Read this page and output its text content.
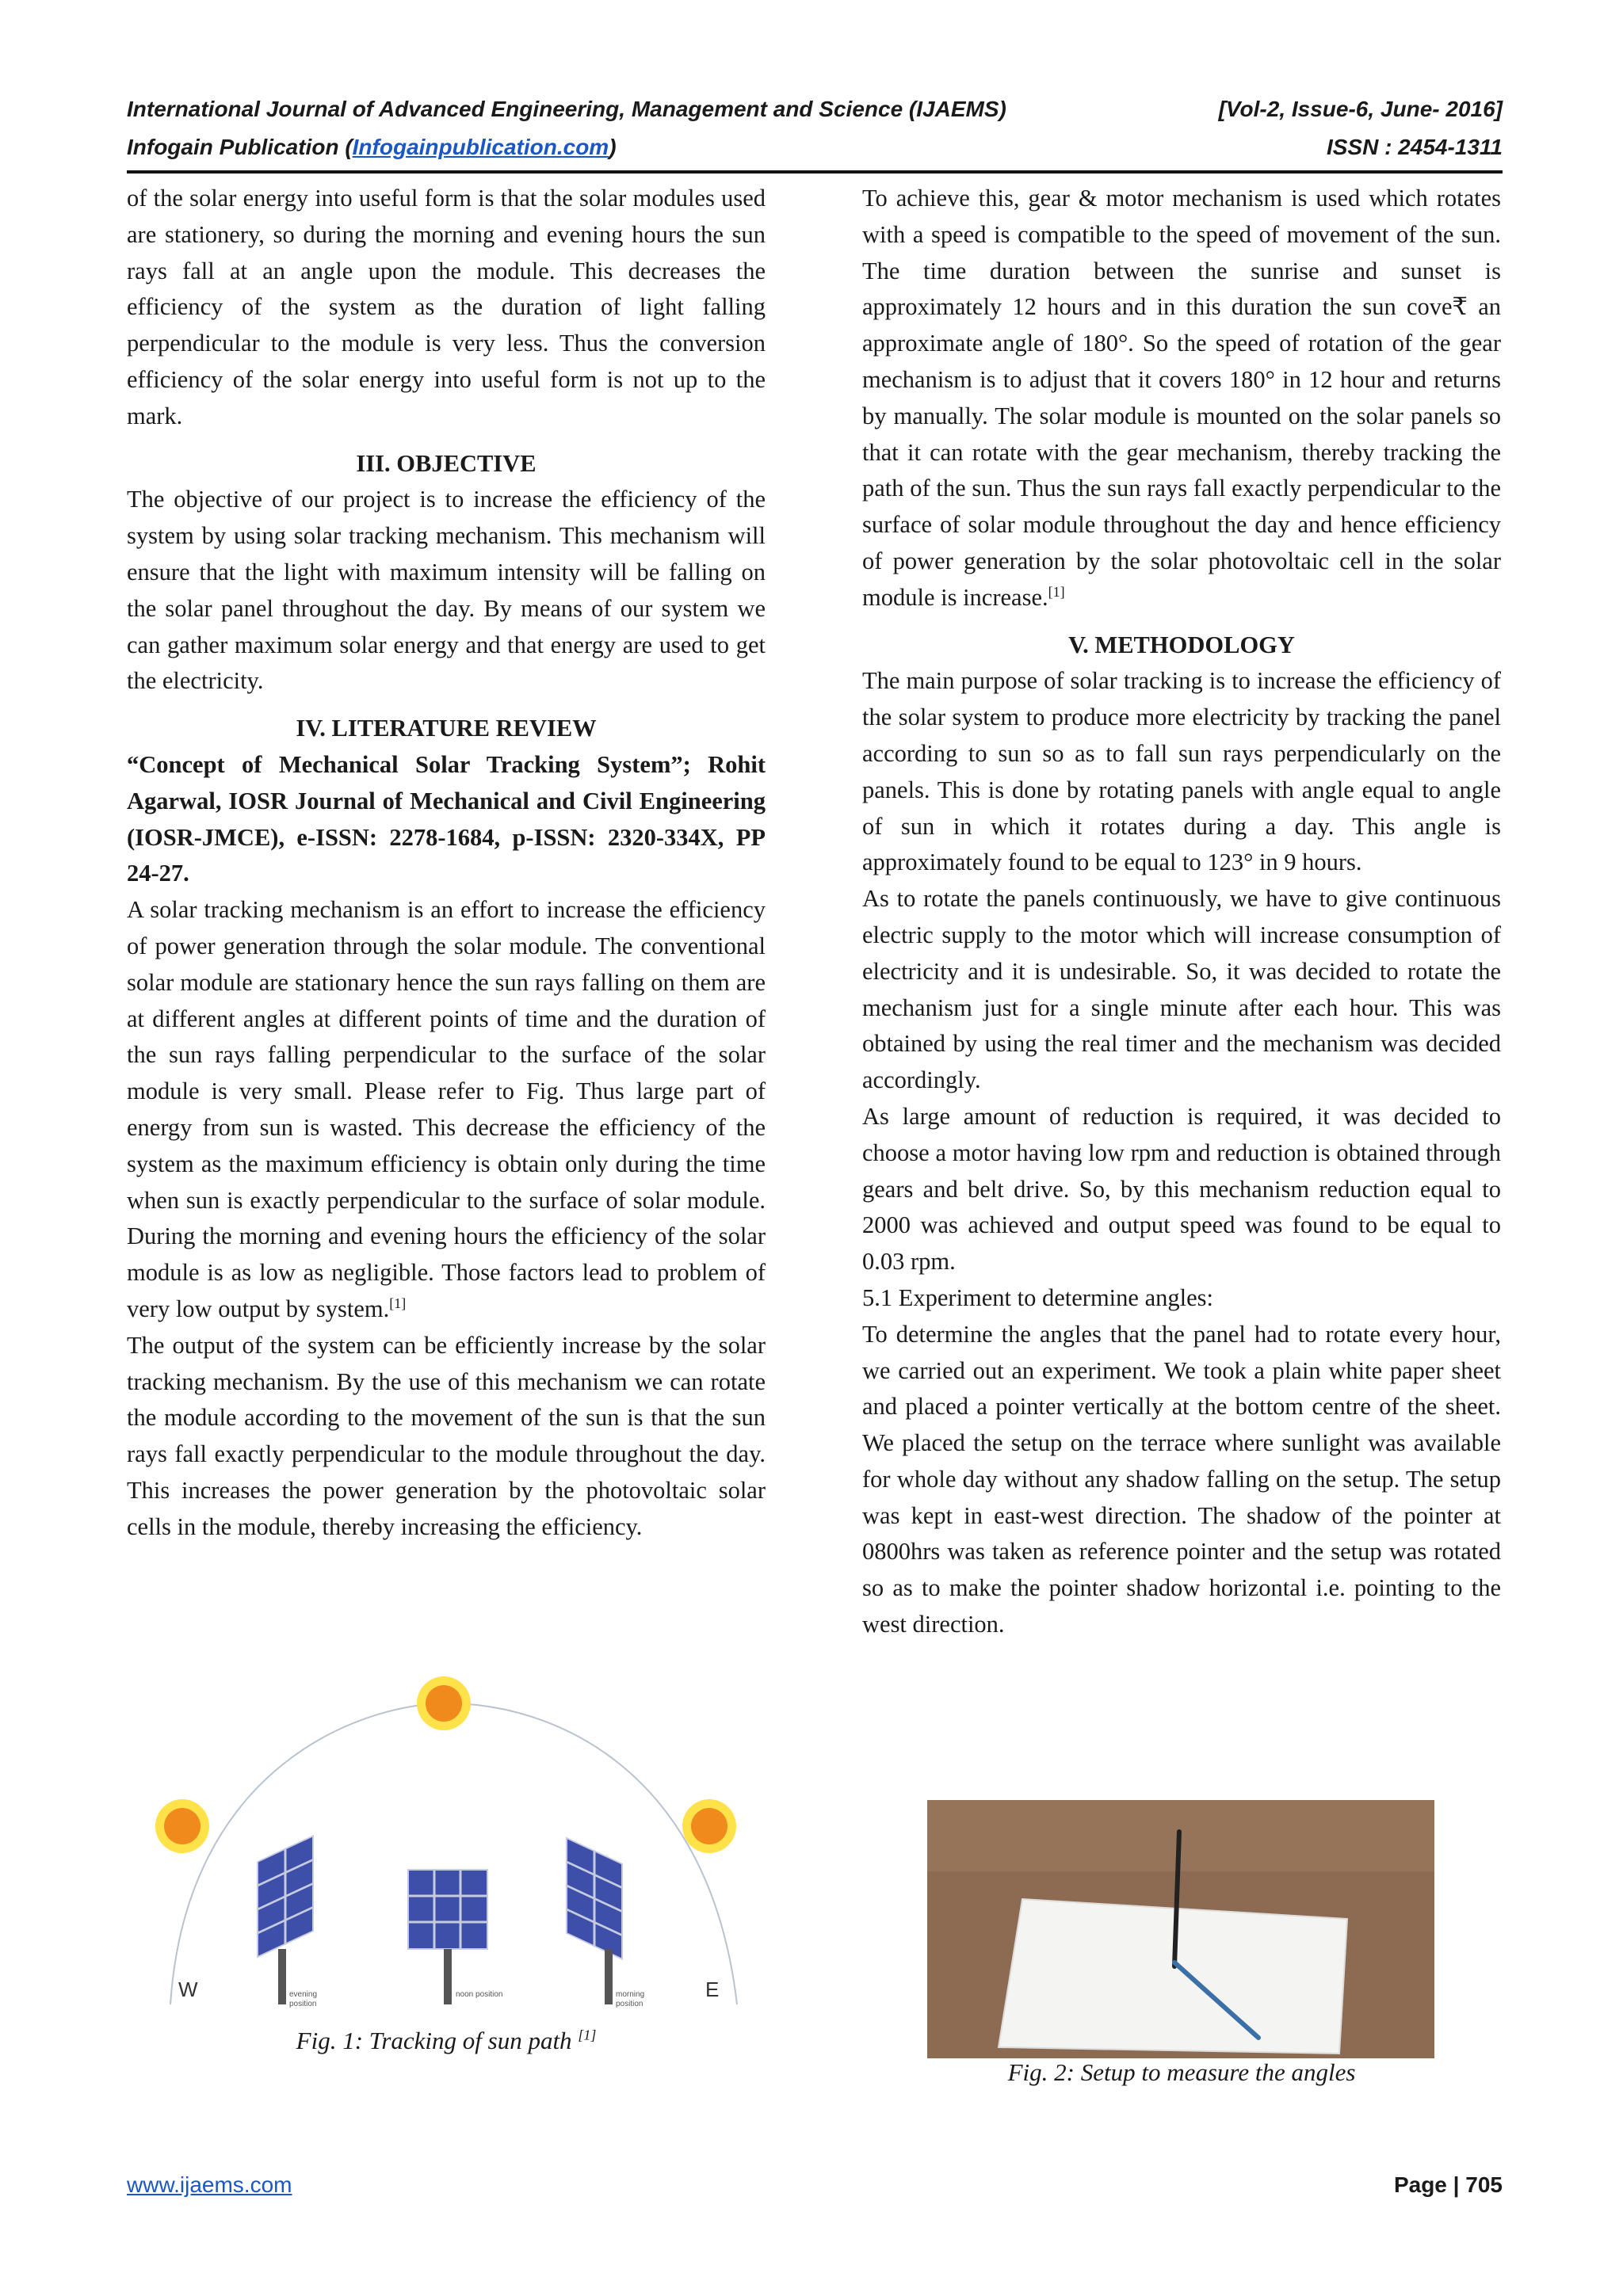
International Journal of Advanced Engineering, Management and Science (IJAEMS)	[Vol-2, Issue-6, June- 2016]
Infogain Publication (Infogainpublication.com)	ISSN : 2454-1311

of the solar energy into useful form is that the solar modules used are stationery, so during the morning and evening hours the sun rays fall at an angle upon the module. This decreases the efficiency of the system as the duration of light falling perpendicular to the module is very less. Thus the conversion efficiency of the solar energy into useful form is not up to the mark.

III. OBJECTIVE

The objective of our project is to increase the efficiency of the system by using solar tracking mechanism. This mechanism will ensure that the light with maximum intensity will be falling on the solar panel throughout the day. By means of our system we can gather maximum solar energy and that energy are used to get the electricity.

IV. LITERATURE REVIEW

“Concept of Mechanical Solar Tracking System”; Rohit Agarwal, IOSR Journal of Mechanical and Civil Engineering (IOSR-JMCE), e-ISSN: 2278-1684, p-ISSN: 2320-334X, PP 24-27.

A solar tracking mechanism is an effort to increase the efficiency of power generation through the solar module. The conventional solar module are stationary hence the sun rays falling on them are at different angles at different points of time and the duration of the sun rays falling perpendicular to the surface of the solar module is very small. Please refer to Fig. Thus large part of energy from sun is wasted. This decrease the efficiency of the system as the maximum efficiency is obtain only during the time when sun is exactly perpendicular to the surface of solar module. During the morning and evening hours the efficiency of the solar module is as low as negligible. Those factors lead to problem of very low output by system.[1]

The output of the system can be efficiently increase by the solar tracking mechanism. By the use of this mechanism we can rotate the module according to the movement of the sun is that the sun rays fall exactly perpendicular to the module throughout the day. This increases the power generation by the photovoltaic solar cells in the module, thereby increasing the efficiency.

W	E
evening position
noon position	morning position
Fig. 1: Tracking of sun path [1]

To achieve this, gear & motor mechanism is used which rotates with a speed is compatible to the speed of movement of the sun. The time duration between the sunrise and sunset is approximately 12 hours and in this duration the sun cove₹ an approximate angle of 180°. So the speed of rotation of the gear mechanism is to adjust that it covers 180° in 12 hour and returns by manually. The solar module is mounted on the solar panels so that it can rotate with the gear mechanism, thereby tracking the path of the sun. Thus the sun rays fall exactly perpendicular to the surface of solar module throughout the day and hence efficiency of power generation by the solar photovoltaic cell in the solar module is increase.[1]

V. METHODOLOGY

The main purpose of solar tracking is to increase the efficiency of the solar system to produce more electricity by tracking the panel according to sun so as to fall sun rays perpendicularly on the panels. This is done by rotating panels with angle equal to angle of sun in which it rotates during a day. This angle is approximately found to be equal to 123° in 9 hours.

As to rotate the panels continuously, we have to give continuous electric supply to the motor which will increase consumption of electricity and it is undesirable. So, it was decided to rotate the mechanism just for a single minute after each hour. This was obtained by using the real timer and the mechanism was decided accordingly.

As large amount of reduction is required, it was decided to choose a motor having low rpm and reduction is obtained through gears and belt drive. So, by this mechanism reduction equal to 2000 was achieved and output speed was found to be equal to 0.03 rpm.

5.1 Experiment to determine angles:

To determine the angles that the panel had to rotate every hour, we carried out an experiment. We took a plain white paper sheet and placed a pointer vertically at the bottom centre of the sheet. We placed the setup on the terrace where sunlight was available for whole day without any shadow falling on the setup. The setup was kept in east-west direction. The shadow of the pointer at 0800hrs was taken as reference pointer and the setup was rotated so as to make the pointer shadow horizontal i.e. pointing to the west direction.

Fig. 2: Setup to measure the angles
www.ijaems.com	Page | 705
